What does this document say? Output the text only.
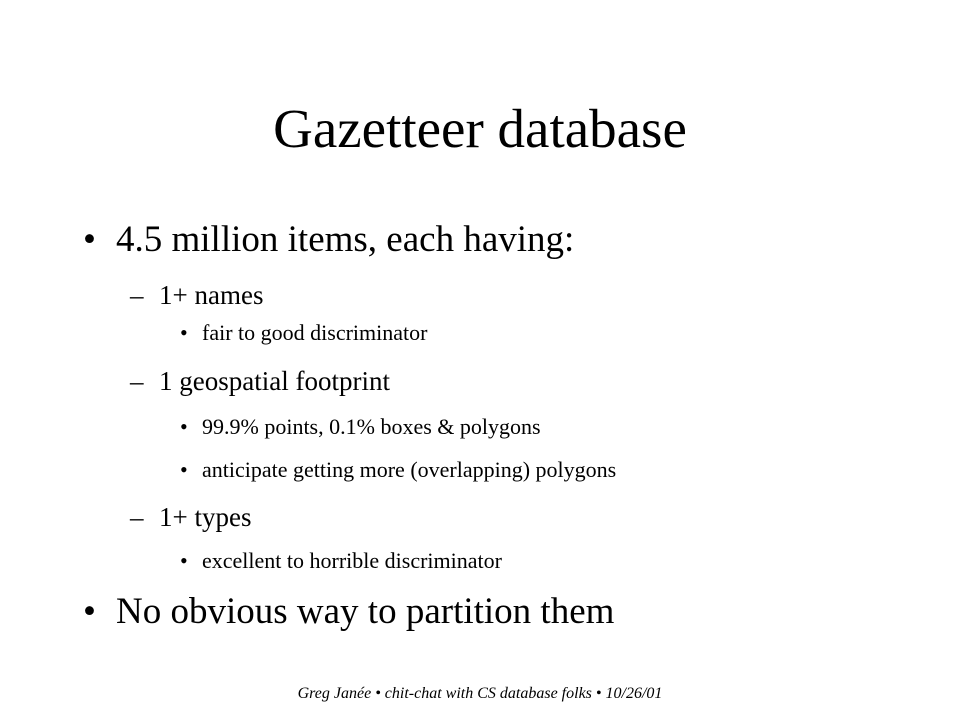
Gazetteer database
• 4.5 million items, each having:
– 1+ names
• fair to good discriminator
– 1 geospatial footprint
• 99.9% points, 0.1% boxes & polygons
• anticipate getting more (overlapping) polygons
– 1+ types
• excellent to horrible discriminator
• No obvious way to partition them
Greg Janée • chit-chat with CS database folks • 10/26/01
